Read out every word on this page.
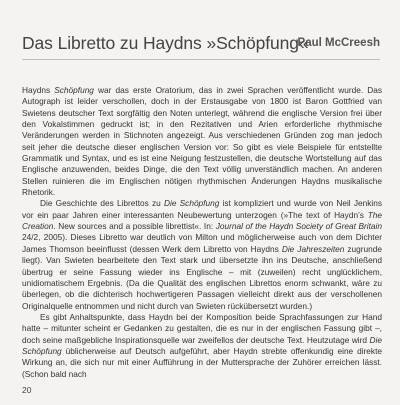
Das Libretto zu Haydns »Schöpfung«
Paul McCreesh

Haydns Schöpfung war das erste Oratorium, das in zwei Sprachen veröffentlicht wurde. Das Autograph ist leider verschollen, doch in der Erstausgabe von 1800 ist Baron Gottfried van Swietens deutscher Text sorgfältig den Noten unterlegt, während die englische Version frei über den Vokalstimmen gedruckt ist; in den Rezitativen und Arien erforderliche rhythmische Veränderungen werden in Stichnoten angezeigt. Aus verschiedenen Gründen zog man jedoch seit jeher die deutsche dieser englischen Version vor: So gibt es viele Beispiele für entstellte Grammatik und Syntax, und es ist eine Neigung festzustellen, die deutsche Wortstellung auf das Englische anzuwenden, beides Dinge, die den Text völlig unverständlich machen. An anderen Stellen ruinieren die im Englischen nötigen rhythmischen Änderungen Haydns musikalische Rhetorik.

Die Geschichte des Librettos zu Die Schöpfung ist kompliziert und wurde von Neil Jenkins vor ein paar Jahren einer interessanten Neubewertung unterzogen (»The text of Haydn’s The Creation. New sources and a possible librettist«. In: Journal of the Haydn Society of Great Britain 24/2, 2005). Dieses Libretto war deutlich von Milton und möglicherweise auch von dem Dichter James Thomson beeinflusst (dessen Werk dem Libretto von Haydns Die Jahreszeiten zugrunde liegt). Van Swieten bearbeitete den Text stark und übersetzte ihn ins Deutsche, anschließend übertrug er seine Fassung wieder ins Englische – mit (zuweilen) recht unglücklichem, unidiomatischem Ergebnis. (Da die Qualität des englischen Librettos enorm schwankt, wäre zu überlegen, ob die dichterisch hochwertigeren Passagen vielleicht direkt aus der verschollenen Originalquelle entnommen und nicht durch van Swieten rückübersetzt wurden.)

Es gibt Anhaltspunkte, dass Haydn bei der Komposition beide Sprachfassungen zur Hand hatte – mitunter scheint er Gedanken zu gestalten, die es nur in der englischen Fassung gibt –, doch seine maßgebliche Inspirationsquelle war zweifellos der deutsche Text. Heutzutage wird Die Schöpfung üblicherweise auf Deutsch aufgeführt, aber Haydn strebte offenkundig eine direkte Wirkung an, die sich nur mit einer Aufführung in der Muttersprache der Zuhörer erreichen lässt. (Schon bald nach

20
